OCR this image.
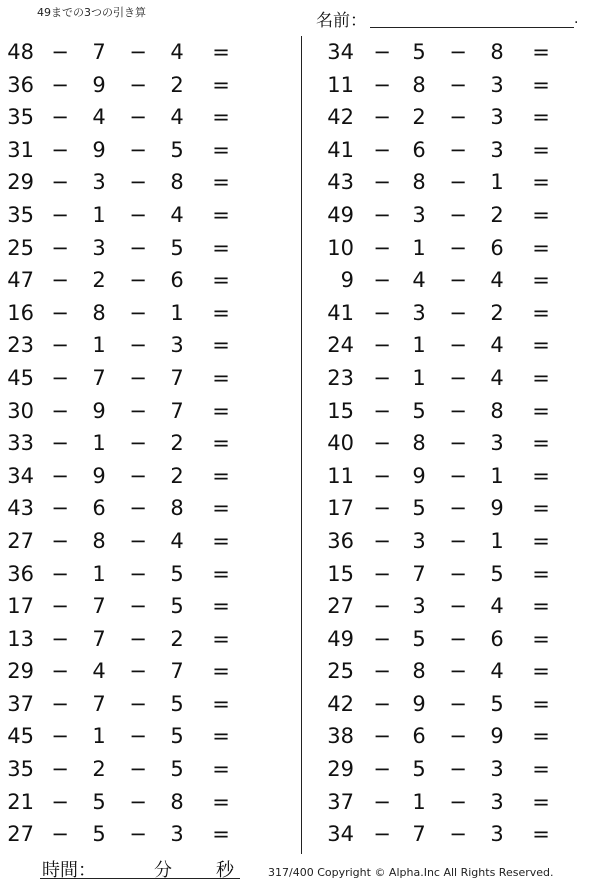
49までの3つの引き算	名前：	.
48 − 7 − 4 =
36 − 9 − 2 =
35 − 4 − 4 =
31 − 9 − 5 =
29 − 3 − 8 =
35 − 1 − 4 =
25 − 3 − 5 =
47 − 2 − 6 =
16 − 8 − 1 =
23 − 1 − 3 =
45 − 7 − 7 =
30 − 9 − 7 =
33 − 1 − 2 =
34 − 9 − 2 =
43 − 6 − 8 =
27 − 8 − 4 =
36 − 1 − 5 =
17 − 7 − 5 =
13 − 7 − 2 =
29 − 4 − 7 =
37 − 7 − 5 =
45 − 1 − 5 =
35 − 2 − 5 =
21 − 5 − 8 =
27 − 5 − 3 =
34 − 5 − 8 =
11 − 8 − 3 =
42 − 2 − 3 =
41 − 6 − 3 =
43 − 8 − 1 =
49 − 3 − 2 =
10 − 1 − 6 =
9 − 4 − 4 =
41 − 3 − 2 =
24 − 1 − 4 =
23 − 1 − 4 =
15 − 5 − 8 =
40 − 8 − 3 =
11 − 9 − 1 =
17 − 5 − 9 =
36 − 3 − 1 =
15 − 7 − 5 =
27 − 3 − 4 =
49 − 5 − 6 =
25 − 8 − 4 =
42 − 9 − 5 =
38 − 6 − 9 =
29 − 5 − 3 =
37 − 1 − 3 =
34 − 7 − 3 =
時間：	分 秒	317/400 Copyright © Alpha.Inc All Rights Reserved.
